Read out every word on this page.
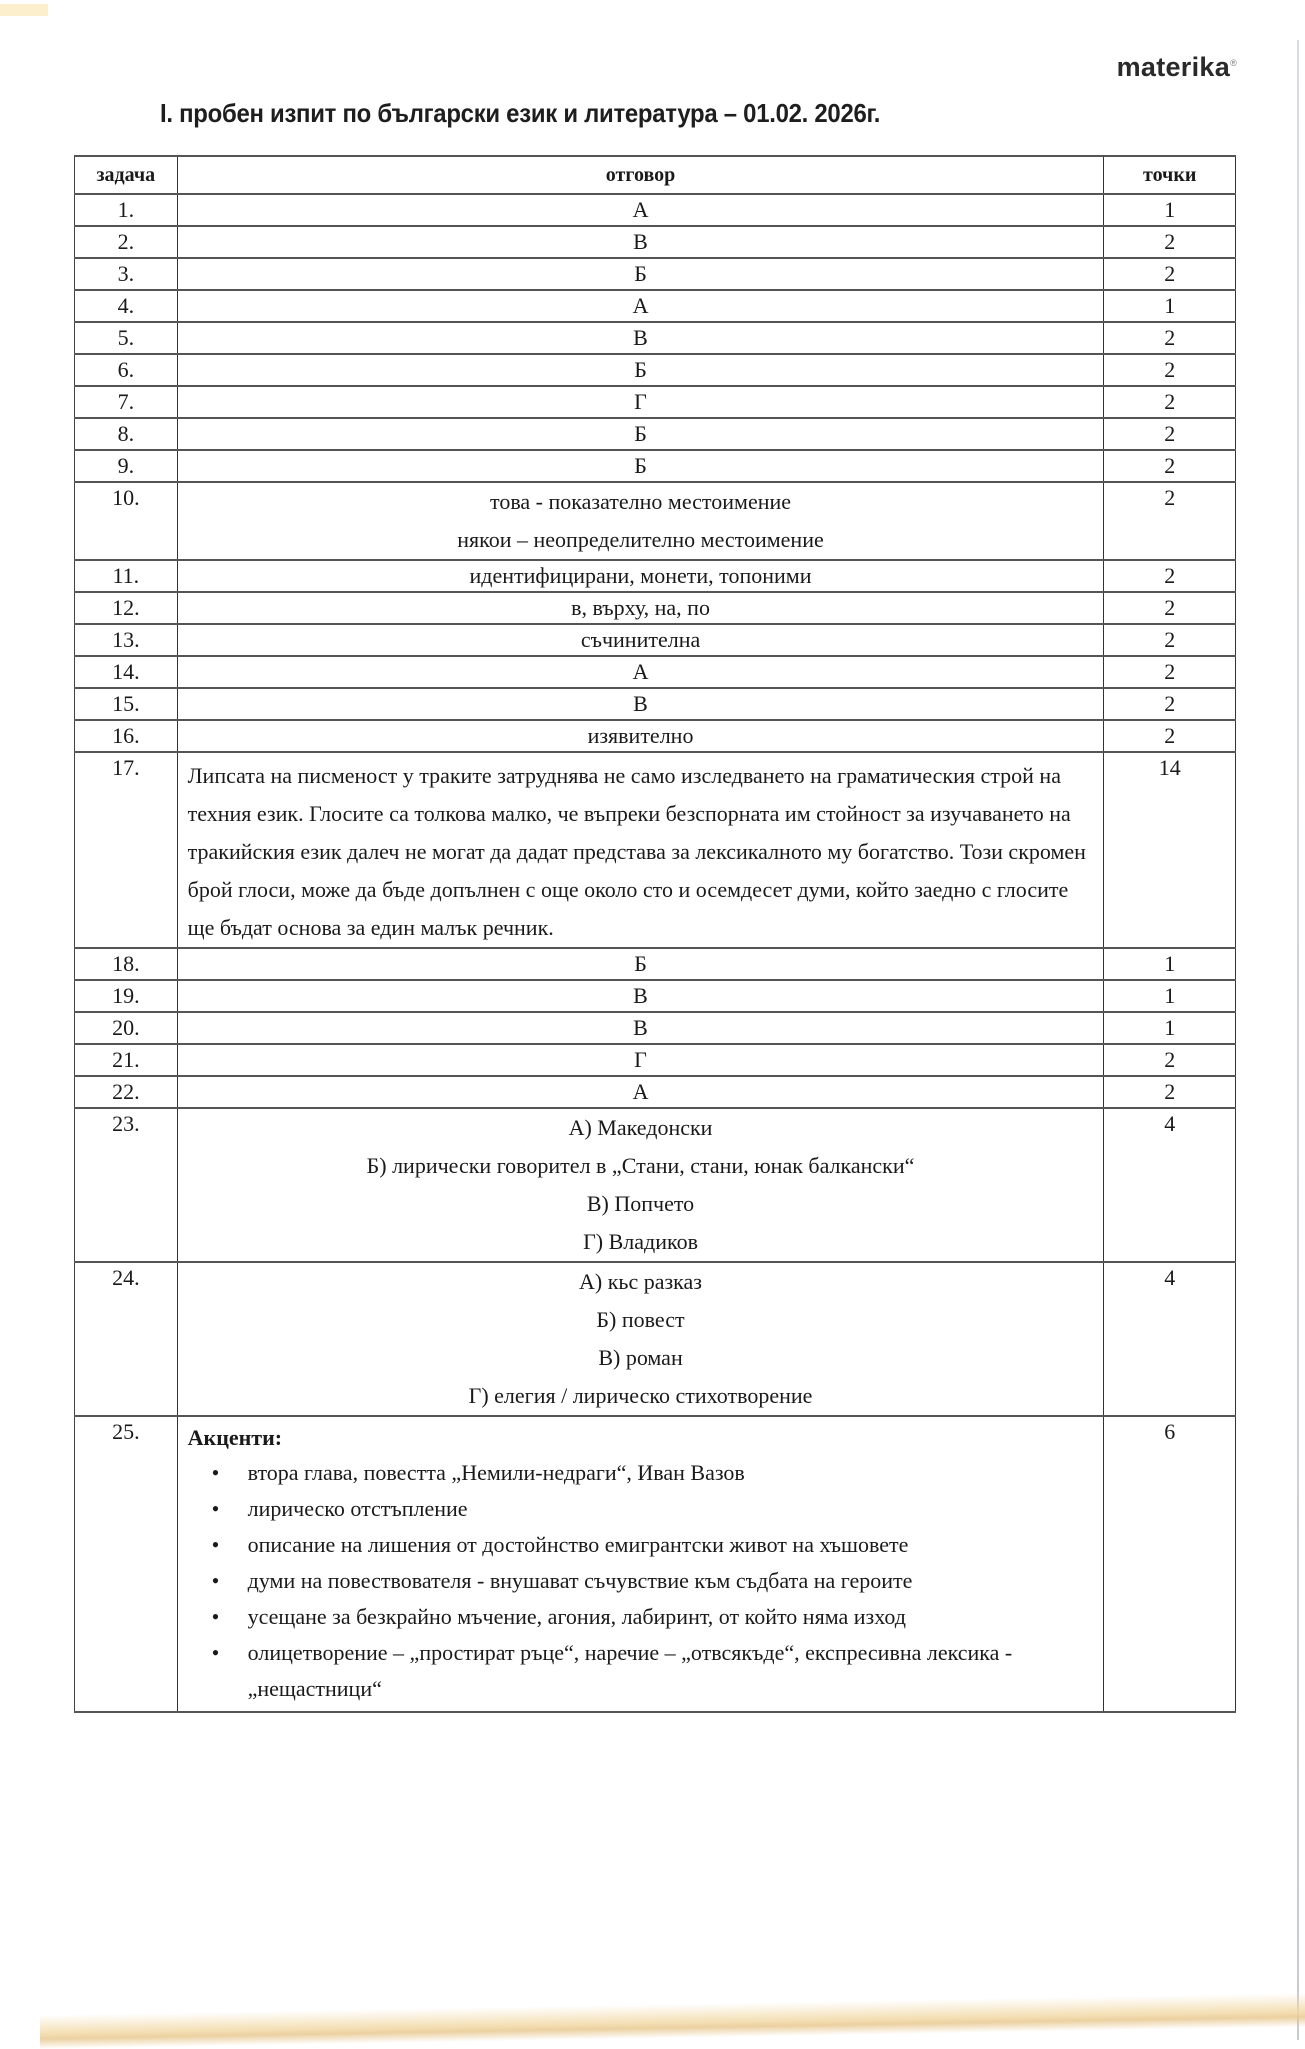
materika®
I. пробен изпит по български език и литература – 01.02. 2026г.
задача	отговор	точки
1.	А	1
2.	В	2
3.	Б	2
4.	А	1
5.	В	2
6.	Б	2
7.	Г	2
8.	Б	2
9.	Б	2
10.	това - показателно местоимение
някои – неопределително местоимение	2
11.	идентифицирани, монети, топоними	2
12.	в, върху, на, по	2
13.	съчинителна	2
14.	А	2
15.	В	2
16.	изявително	2
17.	Липсата на писменост у траките затруднява не само изследването на граматическия строй на техния език. Глосите са толкова малко, че въпреки безспорната им стойност за изучаването на тракийския език далеч не могат да дадат представа за лексикалното му богатство. Този скромен брой глоси, може да бъде допълнен с още около сто и осемдесет думи, който заедно с глосите ще бъдат основа за един малък речник.	14
18.	Б	1
19.	В	1
20.	В	1
21.	Г	2
22.	А	2
23.	А) Македонски
Б) лирически говорител в „Стани, стани, юнак балкански“
В) Попчето
Г) Владиков	4
24.	А) кьс разказ
Б) повест
В) роман
Г) елегия / лирическо стихотворение	4
25.	Акценти:
• втора глава, повестта „Немили-недраги“, Иван Вазов
• лирическо отстъпление
• описание на лишения от достойнство емигрантски живот на хъшовете
• думи на повествователя - внушават съчувствие към съдбата на героите
• усещане за безкрайно мъчение, агония, лабиринт, от който няма изход
• олицетворение – „простират ръце“, наречие – „отвсякъде“, експресивна лексика - „нещастници“
	6
